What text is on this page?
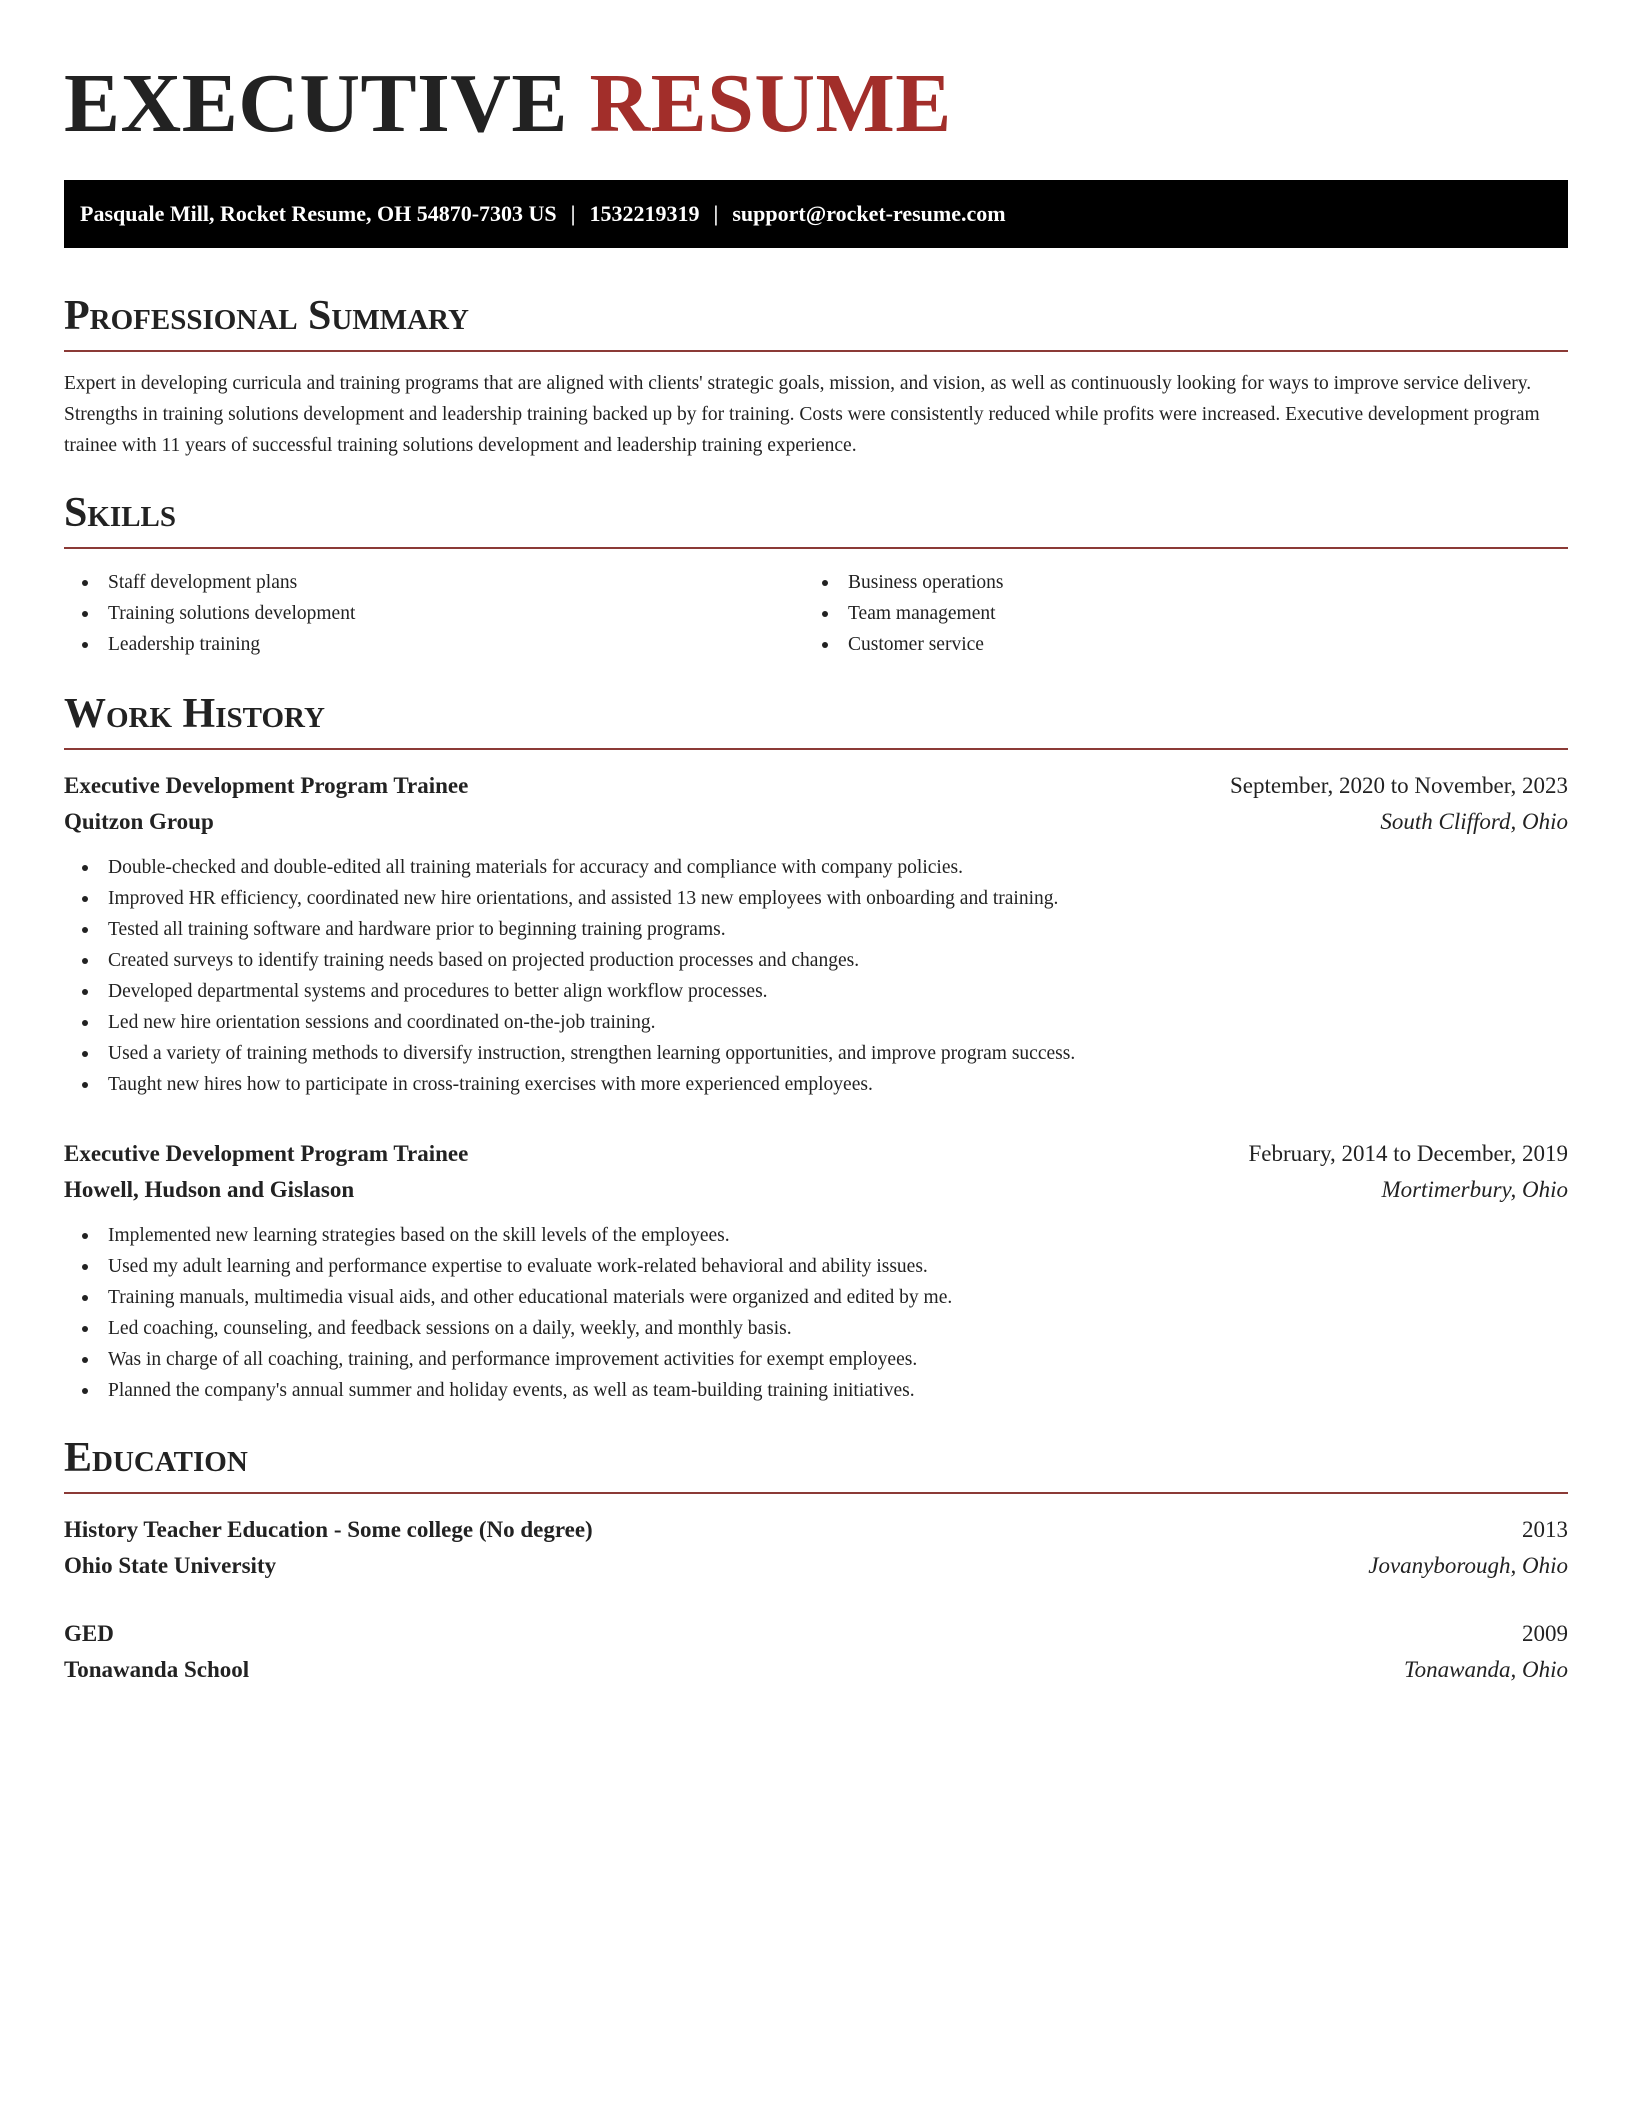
EXECUTIVE RESUME
Pasquale Mill, Rocket Resume, OH 54870-7303 US | 1532219319 | support@rocket-resume.com
Professional Summary

Expert in developing curricula and training programs that are aligned with clients' strategic goals, mission, and vision, as well as continuously looking for ways to improve service delivery. Strengths in training solutions development and leadership training backed up by for training. Costs were consistently reduced while profits were increased. Executive development program trainee with 11 years of successful training solutions development and leadership training experience.

Skills
Staff development plans
Training solutions development
Leadership training
Business operations
Team management
Customer service
Work History
Executive Development Program Trainee	September, 2020 to November, 2023
Quitzon Group	South Clifford, Ohio
Double-checked and double-edited all training materials for accuracy and compliance with company policies.
Improved HR efficiency, coordinated new hire orientations, and assisted 13 new employees with onboarding and training.
Tested all training software and hardware prior to beginning training programs.
Created surveys to identify training needs based on projected production processes and changes.
Developed departmental systems and procedures to better align workflow processes.
Led new hire orientation sessions and coordinated on-the-job training.
Used a variety of training methods to diversify instruction, strengthen learning opportunities, and improve program success.
Taught new hires how to participate in cross-training exercises with more experienced employees.
Executive Development Program Trainee	February, 2014 to December, 2019
Howell, Hudson and Gislason	Mortimerbury, Ohio
Implemented new learning strategies based on the skill levels of the employees.
Used my adult learning and performance expertise to evaluate work-related behavioral and ability issues.
Training manuals, multimedia visual aids, and other educational materials were organized and edited by me.
Led coaching, counseling, and feedback sessions on a daily, weekly, and monthly basis.
Was in charge of all coaching, training, and performance improvement activities for exempt employees.
Planned the company's annual summer and holiday events, as well as team-building training initiatives.
Education
History Teacher Education - Some college (No degree)	2013
Ohio State University	Jovanyborough, Ohio
GED	2009
Tonawanda School	Tonawanda, Ohio
